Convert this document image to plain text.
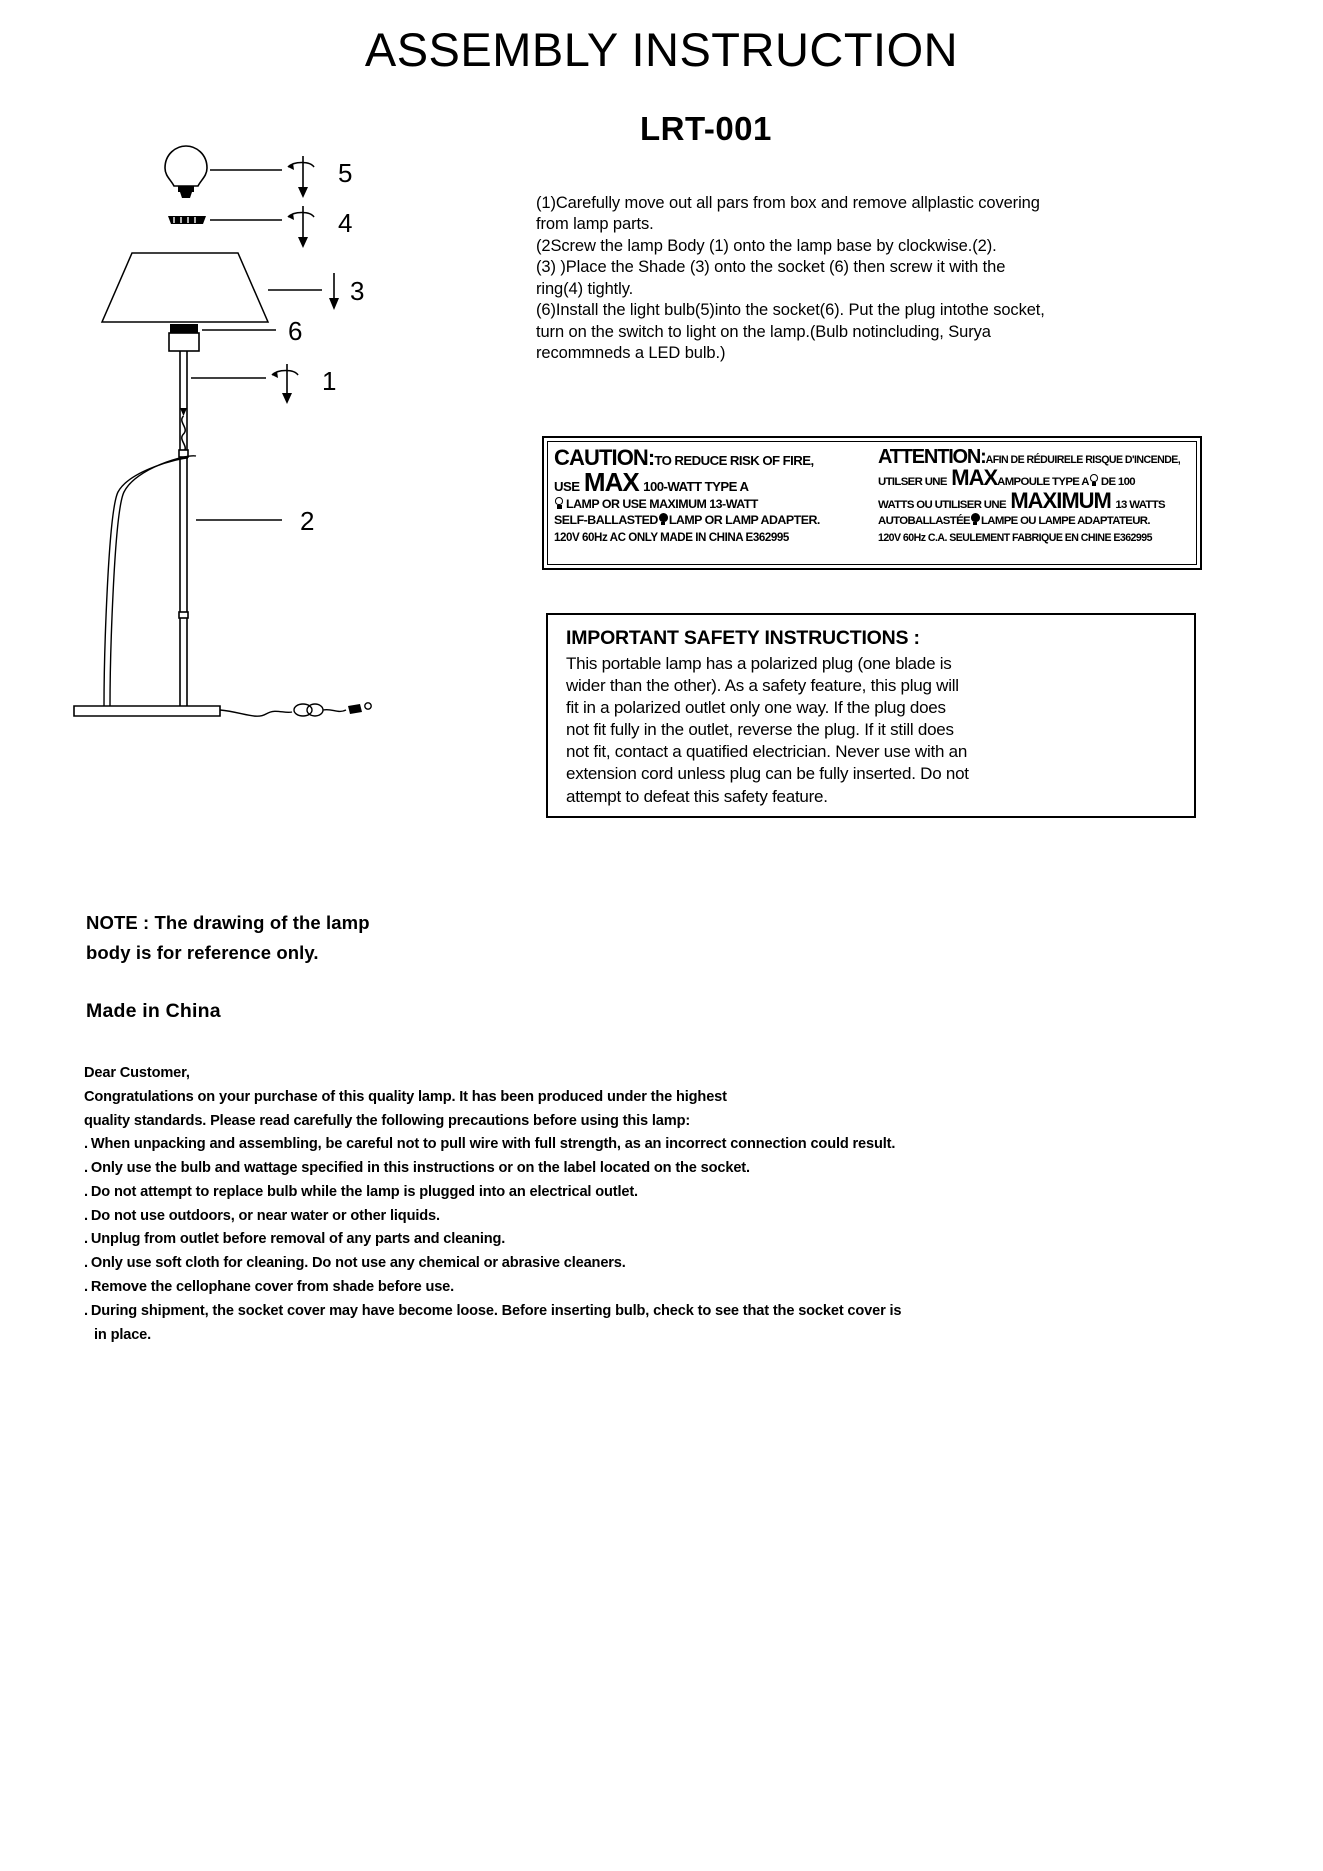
ASSEMBLY INSTRUCTION
LRT-001
5
4
3
6
1
2

(1)Carefully move out all pars from box and remove allplastic covering

from lamp parts.

(2Screw the lamp Body (1) onto the lamp base by clockwise.(2).

(3) )Place the Shade (3) onto the socket (6) then screw it with the

ring(4) tightly.

(6)Install the light bulb(5)into the socket(6). Put the plug intothe socket,

turn on the switch to light on the lamp.(Bulb notincluding, Surya

recommneds a LED bulb.)

CAUTION:TO REDUCE RISK OF FIRE,
USE MAX 100-WATT TYPE A
LAMP OR USE MAXIMUM 13-WATT
SELF-BALLASTED LAMP OR LAMP ADAPTER.
120V 60Hz AC ONLY MADE IN CHINA E362995
ATTENTION:AFIN DE RÉDUIRELE RISQUE D'INCENDE,
UTILSER UNE MAXAMPOULE TYPE A DE 100
WATTS OU UTILISER UNE MAXIMUM 13 WATTS
AUTOBALLASTÉE LAMPE OU LAMPE ADAPTATEUR.
120V 60Hz C.A. SEULEMENT FABRIQUE EN CHINE E362995
IMPORTANT SAFETY INSTRUCTIONS :
This portable lamp has a polarized plug (one blade is
wider than the other). As a safety feature, this plug will
fit in a polarized outlet only one way. If the plug does
not fit fully in the outlet, reverse the plug. If it still does
not fit, contact a quatified electrician. Never use with an
extension cord unless plug can be fully inserted. Do not
attempt to defeat this safety feature.
NOTE : The drawing of the lamp
body is for reference only.
Made in China

Dear Customer,

Congratulations on your purchase of this quality lamp. It has been produced under the highest

quality standards. Please read carefully the following precautions before using this lamp:

. When unpacking and assembling, be careful not to pull wire with full strength, as an incorrect connection could result.
. Only use the bulb and wattage specified in this instructions or on the label located on the socket.
. Do not attempt to replace bulb while the lamp is plugged into an electrical outlet.
. Do not use outdoors, or near water or other liquids.
. Unplug from outlet before removal of any parts and cleaning.
. Only use soft cloth for cleaning. Do not use any chemical or abrasive cleaners.
. Remove the cellophane cover from shade before use.
. During shipment, the socket cover may have become loose. Before inserting bulb, check to see that the socket cover is in place.
